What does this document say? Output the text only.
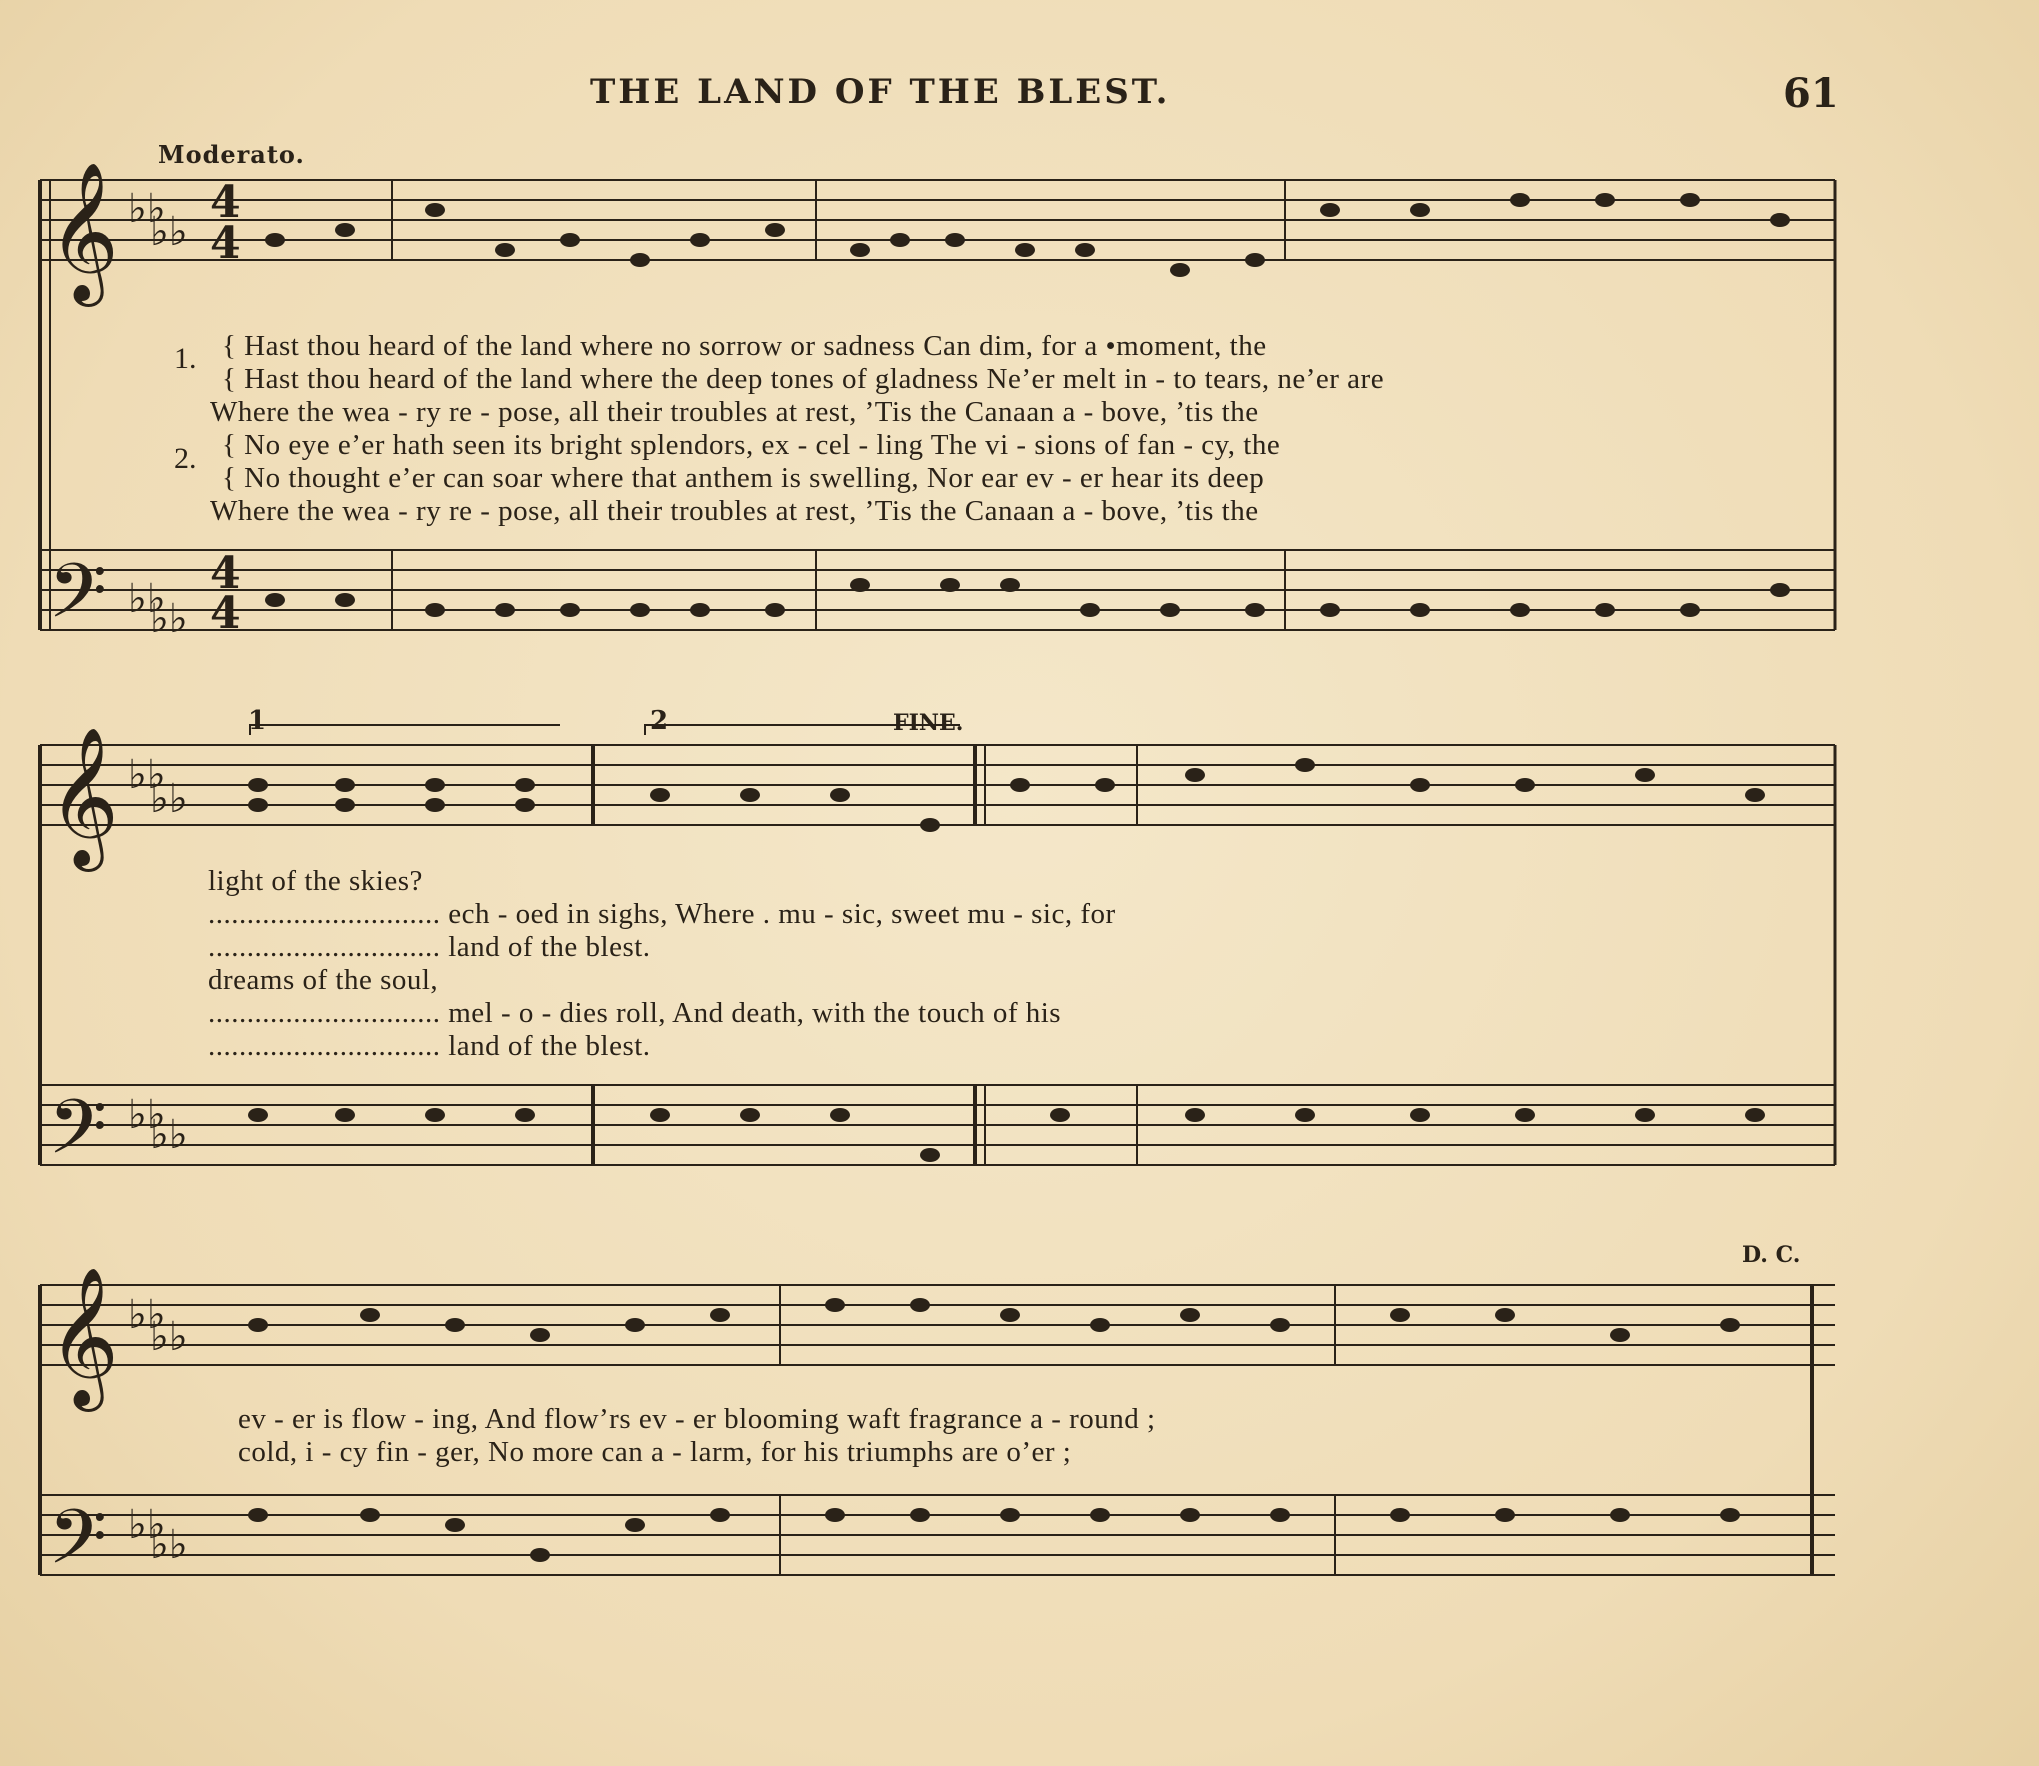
THE LAND OF THE BLEST.	61
Moderato.
1	2	FINE.
D. C.
𝄞
𝄢
𝄞
𝄢
𝄞
𝄢
♭♭
♭♭
♭♭
♭♭
♭♭
♭♭
♭♭
♭♭
♭♭
♭♭
♭♭
♭♭
4
4
4
4
1.
2.
{ Hast thou heard of the land where no sorrow or sadness Can dim, for a •moment, the
{ Hast thou heard of the land where the deep tones of gladness Ne’er melt in - to tears, ne’er are
Where the wea - ry re - pose, all their troubles at rest, ’Tis the Canaan a - bove, ’tis the
{ No eye e’er hath seen its bright splendors, ex - cel - ling The vi - sions of fan - cy, the
{ No thought e’er can soar where that anthem is swelling, Nor ear ev - er hear its deep
Where the wea - ry re - pose, all their troubles at rest, ’Tis the Canaan a - bove, ’tis the
light of the skies?
.............................. ech - oed in sighs, Where . mu - sic, sweet mu - sic, for
.............................. land of the blest.
dreams of the soul,
.............................. mel - o - dies roll, And death, with the touch of his
.............................. land of the blest.
ev - er is flow - ing, And flow’rs ev - er blooming waft fragrance a - round ;
cold, i - cy fin - ger, No more can a - larm, for his triumphs are o’er ;
